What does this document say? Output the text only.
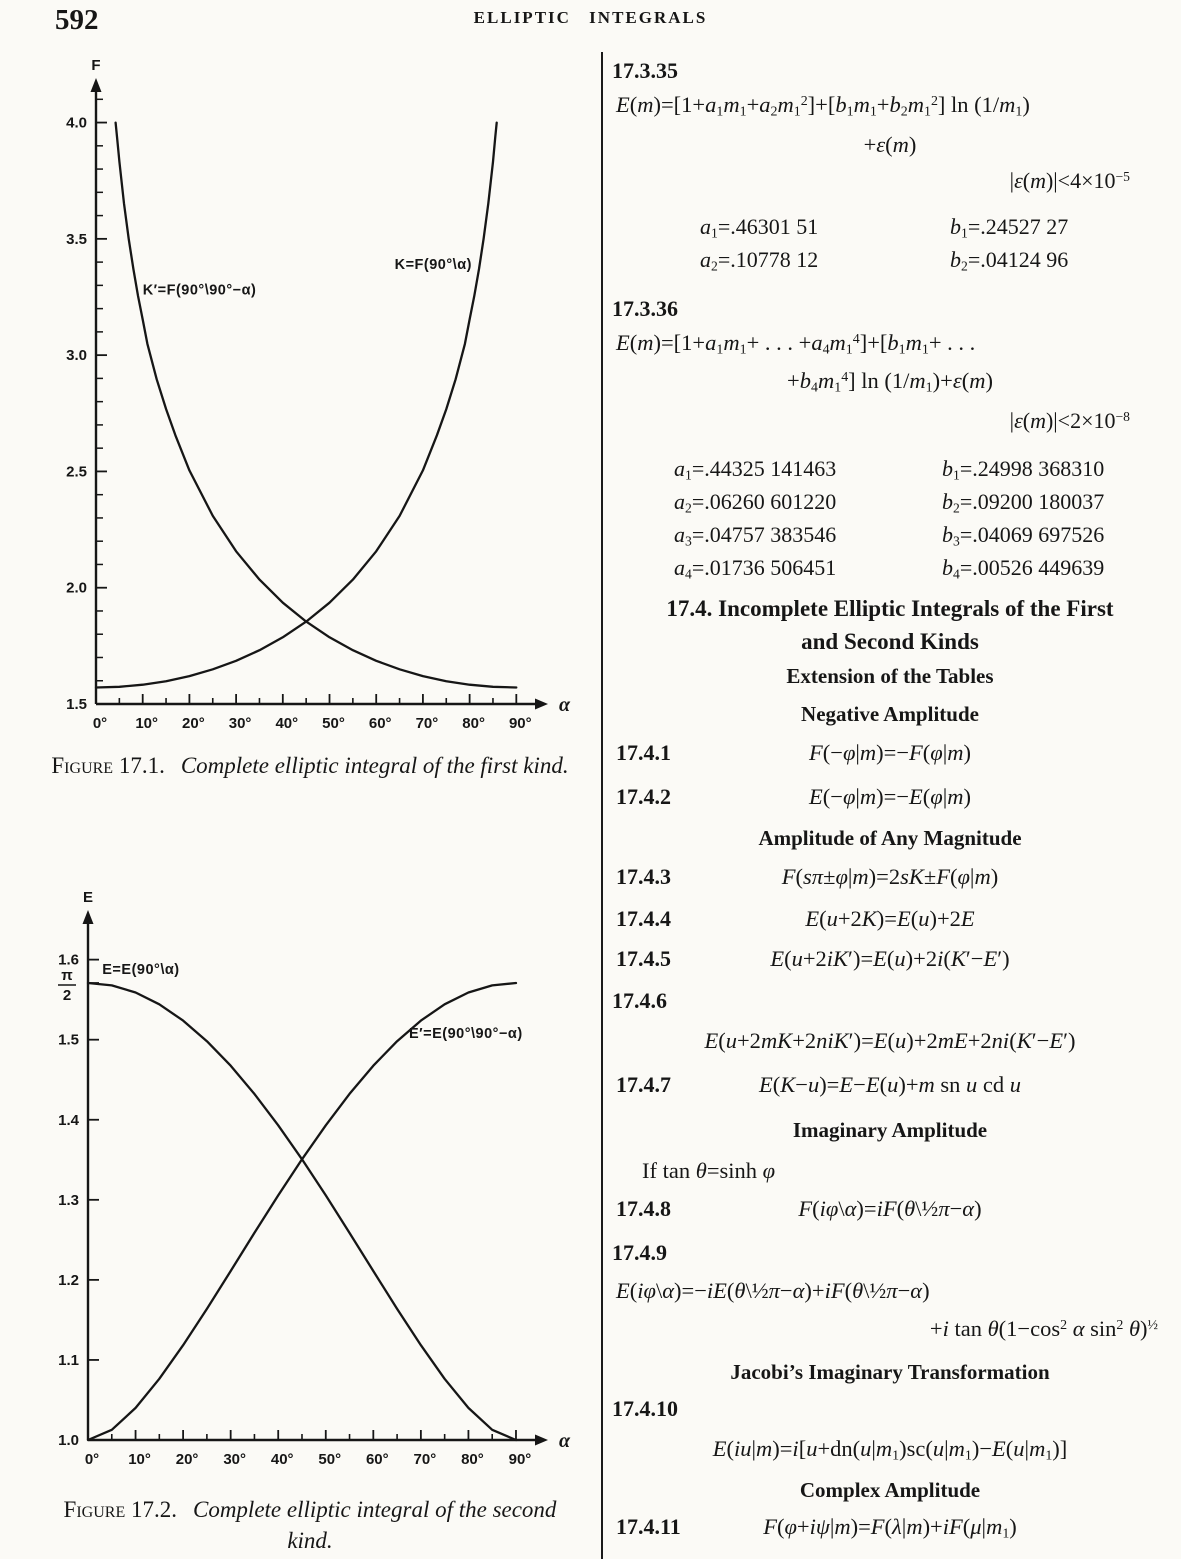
592	ELLIPTIC INTEGRALS
α
F
0° 10° 20° 30° 40° 50° 60° 70° 80° 90°
1.5
2.0
2.5
3.0
3.5
4.0
K=F(90°\α)
K′=F(90°\90°−α)
Figure 17.1. Complete elliptic integral of the first kind.
α
E
0° 10° 20° 30° 40° 50° 60° 70° 80° 90°
1.0
1.1
1.2
1.3
1.4
1.5
1.6
π
2
E=E(90°\α)
E′=E(90°\90°−α)
Figure 17.2. Complete elliptic integral of the second kind.
17.3.35
$E(m)=[1+a_1m_1+a_2m_1^2]+[b_1m_1+b_2m_1^2]$ $\ln (1/m_1)$
+ε(m)
$|\varepsilon(m)|<4\times 10^{-5}$
$a_1=.46301$ 51	$b_1=.24527$ 27
$a_2=.10778$ 12	$b_2=.04124$ 96
17.3.36
$E(m)=[1+a_1m_1+$ . . . $+a_4m_1^4]+[b_1m_1+$ . . .
$+b_4m_1^4$] $\ln (1/m_1)+\varepsilon(m)$
$|\varepsilon(m)|<2\times 10^{-8}$
$a_1=.44325$ 141463	$b_1=.24998$ 368310
$a_2=.06260$ 601220	$b_2=.09200$ 180037
$a_3=.04757$ 383546	$b_3=.04069$ 697526
$a_4=.01736$ 506451	$b_4=.00526$ 449639
17.4. Incomplete Elliptic Integrals of the First
and Second Kinds
Extension of the Tables
Negative Amplitude
17.4.1	F(−φ|m)=−F(φ|m)
17.4.2	E(−φ|m)=−E(φ|m)
Amplitude of Any Magnitude
17.4.3	F(sπ±φ|m)=2sK±F(φ|m)
17.4.4	E(u+2K)=E(u)+2E
17.4.5	E(u+2iK′)=E(u)+2i(K′−E′)
17.4.6
E(u+2mK+2niK′)=E(u)+2mE+2ni(K′−E′)
17.4.7	E(K−u)=E−E(u)+m sn u cd u
Imaginary Amplitude
If tan θ=sinh φ
17.4.8	F(iφ\α)=iF(θ\½π−α)
17.4.9
E(iφ\α)=−iE(θ\½π−α)+iF(θ\½π−α)
+i $\tan \theta(1-\cos^2$ α $\sin^2 \theta)^{\frac{1}{2}}$
Jacobi’s Imaginary Transformation
17.4.10
$E(iu|m)=i[u+dn(u|m_1)sc(u|m_1)-E(u|m_1)]$
Complex Amplitude
17.4.11	$F(\varphi+i\psi|m)=F(\lambda|m)+iF(\mu|m_1)$
